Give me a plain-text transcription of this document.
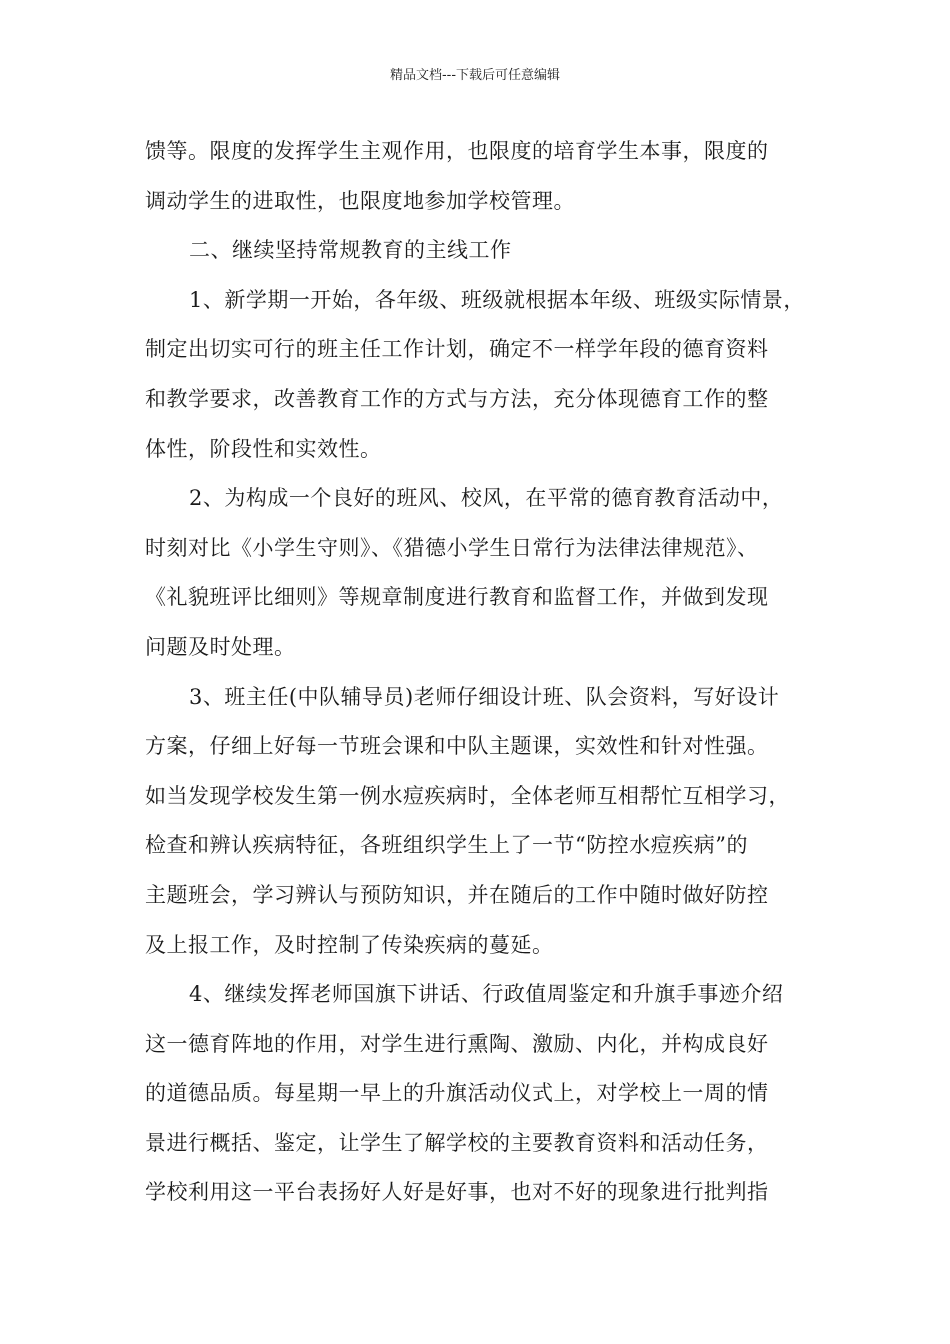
精品文档---下载后可任意编辑
馈等。限度的发挥学生主观作用，也限度的培育学生本事，限度的
调动学生的进取性，也限度地参加学校管理。
二、继续坚持常规教育的主线工作
1、新学期一开始，各年级、班级就根据本年级、班级实际情景，
制定出切实可行的班主任工作计划，确定不一样学年段的德育资料
和教学要求，改善教育工作的方式与方法，充分体现德育工作的整
体性，阶段性和实效性。
2、为构成一个良好的班风、校风，在平常的德育教育活动中，
时刻对比《小学生守则》、《猎德小学生日常行为法律法律规范》、
《礼貌班评比细则》等规章制度进行教育和监督工作，并做到发现
问题及时处理。
3、班主任(中队辅导员)老师仔细设计班、队会资料，写好设计
方案，仔细上好每一节班会课和中队主题课，实效性和针对性强。
如当发现学校发生第一例水痘疾病时，全体老师互相帮忙互相学习，
检查和辨认疾病特征，各班组织学生上了一节“防控水痘疾病”的
主题班会，学习辨认与预防知识，并在随后的工作中随时做好防控
及上报工作，及时控制了传染疾病的蔓延。
4、继续发挥老师国旗下讲话、行政值周鉴定和升旗手事迹介绍
这一德育阵地的作用，对学生进行熏陶、激励、内化，并构成良好
的道德品质。每星期一早上的升旗活动仪式上，对学校上一周的情
景进行概括、鉴定，让学生了解学校的主要教育资料和活动任务，
学校利用这一平台表扬好人好是好事，也对不好的现象进行批判指
